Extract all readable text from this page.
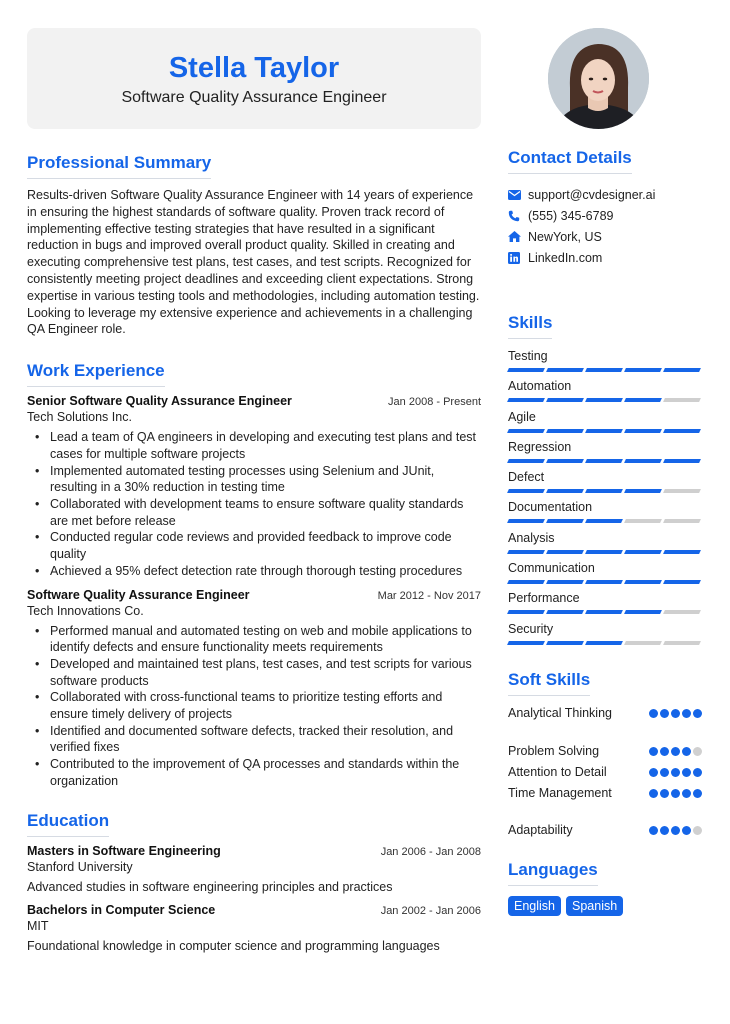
Stella Taylor
Software Quality Assurance Engineer
Professional Summary

Results-driven Software Quality Assurance Engineer with 14 years of experience in ensuring the highest standards of software quality. Proven track record of implementing effective testing strategies that have resulted in a significant reduction in bugs and improved overall product quality. Skilled in creating and executing comprehensive test plans, test cases, and test scripts. Recognized for consistently meeting project deadlines and exceeding client expectations. Strong expertise in various testing tools and methodologies, including automation testing. Looking to leverage my extensive experience and achievements in a challenging QA Engineer role.

Work Experience
Senior Software Quality Assurance Engineer	Jan 2008 - Present
Tech Solutions Inc.
• Lead a team of QA engineers in developing and executing test plans and test cases for multiple software projects
• Implemented automated testing processes using Selenium and JUnit, resulting in a 30% reduction in testing time
• Collaborated with development teams to ensure software quality standards are met before release
• Conducted regular code reviews and provided feedback to improve code quality
• Achieved a 95% defect detection rate through thorough testing procedures
Software Quality Assurance Engineer	Mar 2012 - Nov 2017
Tech Innovations Co.
• Performed manual and automated testing on web and mobile applications to identify defects and ensure functionality meets requirements
• Developed and maintained test plans, test cases, and test scripts for various software products
• Collaborated with cross-functional teams to prioritize testing efforts and ensure timely delivery of projects
• Identified and documented software defects, tracked their resolution, and verified fixes
• Contributed to the improvement of QA processes and standards within the organization
Education
Masters in Software Engineering	Jan 2006 - Jan 2008
Stanford University
Advanced studies in software engineering principles and practices
Bachelors in Computer Science	Jan 2002 - Jan 2006
MIT
Foundational knowledge in computer science and programming languages
Contact Details
support@cvdesigner.ai
(555) 345-6789
NewYork, US
LinkedIn.com
Skills
Testing
Automation
Agile
Regression
Defect
Documentation
Analysis
Communication
Performance
Security
Soft Skills
Analytical Thinking
Problem Solving
Attention to Detail
Time Management
Adaptability
Languages
English	Spanish
